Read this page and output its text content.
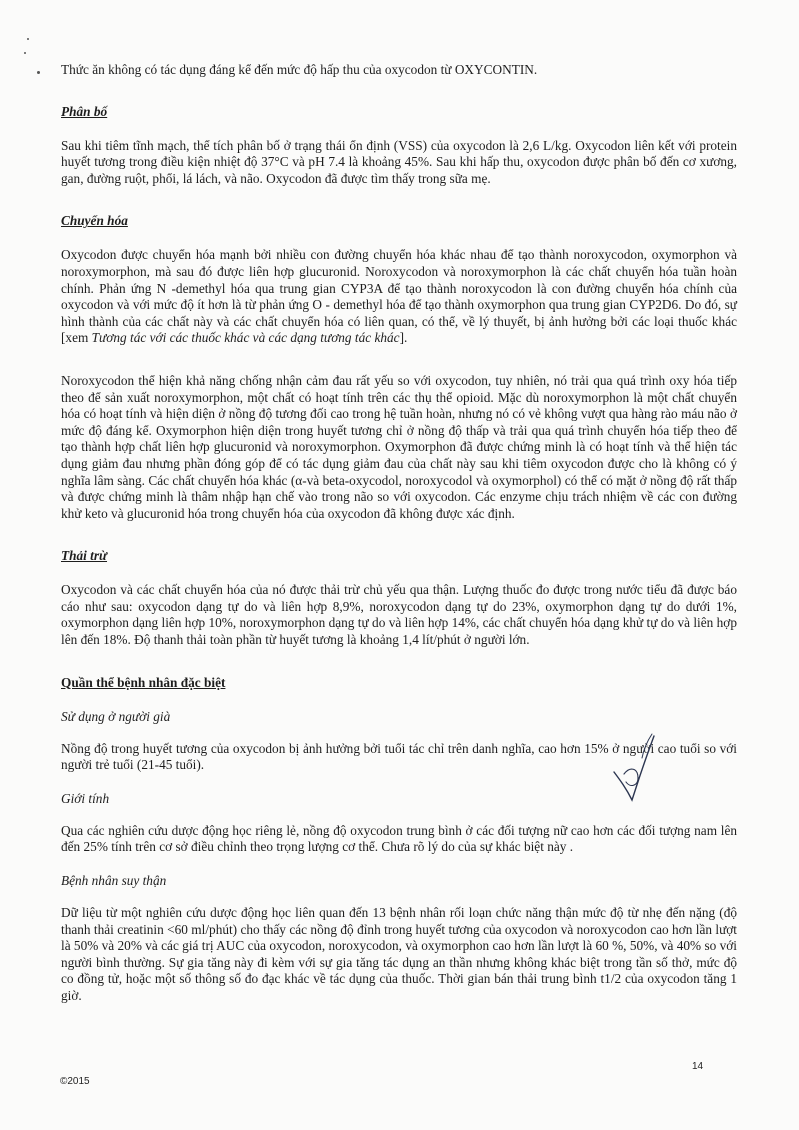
Thức ăn không có tác dụng đáng kể đến mức độ hấp thu của oxycodon từ OXYCONTIN.

Phân bố

Sau khi tiêm tĩnh mạch, thể tích phân bố ở trạng thái ổn định (VSS) của oxycodon là 2,6 L/kg. Oxycodon liên kết với protein huyết tương trong điều kiện nhiệt độ 37°C và pH 7.4 là khoảng 45%. Sau khi hấp thu, oxycodon được phân bố đến cơ xương, gan, đường ruột, phổi, lá lách, và não. Oxycodon đã được tìm thấy trong sữa mẹ.

Chuyển hóa

Oxycodon được chuyển hóa mạnh bởi nhiều con đường chuyển hóa khác nhau để tạo thành noroxycodon, oxymorphon và noroxymorphon, mà sau đó được liên hợp glucuronid. Noroxycodon và noroxymorphon là các chất chuyển hóa tuần hoàn chính. Phản ứng N -demethyl hóa qua trung gian CYP3A để tạo thành noroxycodon là con đường chuyển hóa chính của oxycodon và với mức độ ít hơn là từ phản ứng O - demethyl hóa để tạo thành oxymorphon qua trung gian CYP2D6. Do đó, sự hình thành của các chất này và các chất chuyển hóa có liên quan, có thể, về lý thuyết, bị ảnh hưởng bởi các loại thuốc khác [xem Tương tác với các thuốc khác và các dạng tương tác khác].

Noroxycodon thể hiện khả năng chống nhận cảm đau rất yếu so với oxycodon, tuy nhiên, nó trải qua quá trình oxy hóa tiếp theo để sản xuất noroxymorphon, một chất có hoạt tính trên các thụ thể opioid. Mặc dù noroxymorphon là một chất chuyển hóa có hoạt tính và hiện diện ở nồng độ tương đối cao trong hệ tuần hoàn, nhưng nó có vẻ không vượt qua hàng rào máu não ở mức độ đáng kể. Oxymorphon hiện diện trong huyết tương chỉ ở nồng độ thấp và trải qua quá trình chuyển hóa tiếp theo để tạo thành hợp chất liên hợp glucuronid và noroxymorphon. Oxymorphon đã được chứng minh là có hoạt tính và thể hiện tác dụng giảm đau nhưng phần đóng góp để có tác dụng giảm đau của chất này sau khi tiêm oxycodon được cho là không có ý nghĩa lâm sàng. Các chất chuyển hóa khác (α-và beta-oxycodol, noroxycodol và oxymorphol) có thể có mặt ở nồng độ rất thấp và được chứng minh là thâm nhập hạn chế vào trong não so với oxycodon. Các enzyme chịu trách nhiệm về các con đường khử keto và glucuronid hóa trong chuyển hóa của oxycodon đã không được xác định.

Thải trừ

Oxycodon và các chất chuyển hóa của nó được thải trừ chủ yếu qua thận. Lượng thuốc đo được trong nước tiểu đã được báo cáo như sau: oxycodon dạng tự do và liên hợp 8,9%, noroxycodon dạng tự do 23%, oxymorphon dạng tự do dưới 1%, oxymorphon dạng liên hợp 10%, noroxymorphon dạng tự do và liên hợp 14%, các chất chuyển hóa dạng khử tự do và liên hợp lên đến 18%. Độ thanh thải toàn phần từ huyết tương là khoảng 1,4 lít/phút ở người lớn.

Quần thể bệnh nhân đặc biệt
Sử dụng ở người già

Nồng độ trong huyết tương của oxycodon bị ảnh hưởng bởi tuổi tác chỉ trên danh nghĩa, cao hơn 15% ở người cao tuổi so với người trẻ tuổi (21-45 tuổi).

Giới tính

Qua các nghiên cứu dược động học riêng lẻ, nồng độ oxycodon trung bình ở các đối tượng nữ cao hơn các đối tượng nam lên đến 25% tính trên cơ sở điều chỉnh theo trọng lượng cơ thể. Chưa rõ lý do của sự khác biệt này .

Bệnh nhân suy thận

Dữ liệu từ một nghiên cứu dược động học liên quan đến 13 bệnh nhân rối loạn chức năng thận mức độ từ nhẹ đến nặng (độ thanh thải creatinin <60 ml/phút) cho thấy các nồng độ đỉnh trong huyết tương của oxycodon và noroxycodon cao hơn lần lượt là 50% và 20% và các giá trị AUC của oxycodon, noroxycodon, và oxymorphon cao hơn lần lượt là 60 %, 50%, và 40% so với người bình thường. Sự gia tăng này đi kèm với sự gia tăng tác dụng an thần nhưng không khác biệt trong tần số thở, mức độ co đồng tử, hoặc một số thông số đo đạc khác về tác dụng của thuốc. Thời gian bán thải trung bình t1/2 của oxycodon tăng 1 giờ.

14
©2015
